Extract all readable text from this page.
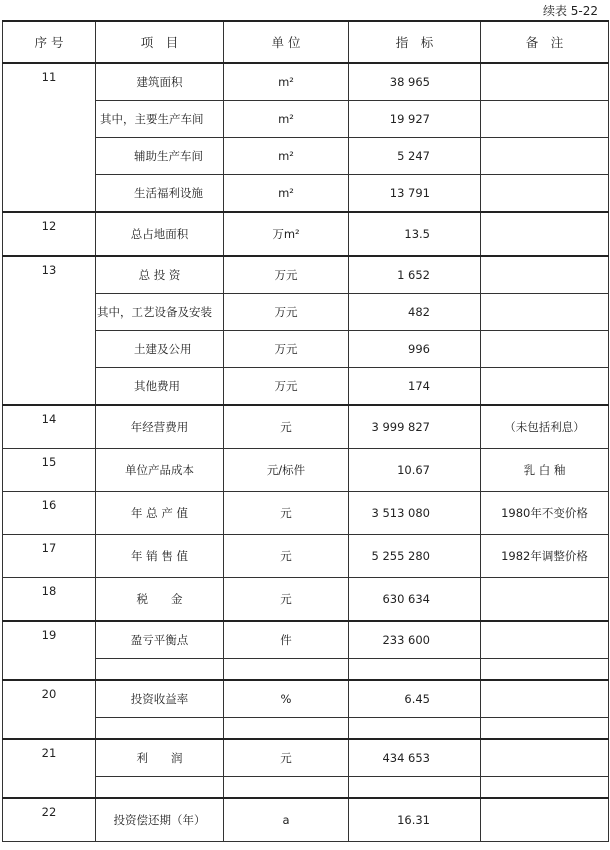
续表 5-22
序 号	项　目	单 位	指　标	备　注
11	建筑面积	m²	38 965	
	其中，主要生产车间	m²	19 927	
	辅助生产车间	m²	5 247	
	生活福利设施	m²	13 791	
12	总占地面积	万m²	13.5	
13	总 投 资	万元	1 652	
	其中，工艺设备及安装	万元	482	
	土建及公用	万元	996	
	其他费用	万元	174	
14	年经营费用	元	3 999 827	（未包括利息）
15	单位产品成本	元/标件	10.67	乳 白 釉
16	年 总 产 值	元	3 513 080	1980年不变价格
17	年 销 售 值	元	5 255 280	1982年调整价格
18	税　　金	元	630 634	
19	盈亏平衡点	件	233 600	

20	投资收益率	%	6.45	

21	利　　润	元	434 653	

22	投资偿还期（年）	a	16.31	
